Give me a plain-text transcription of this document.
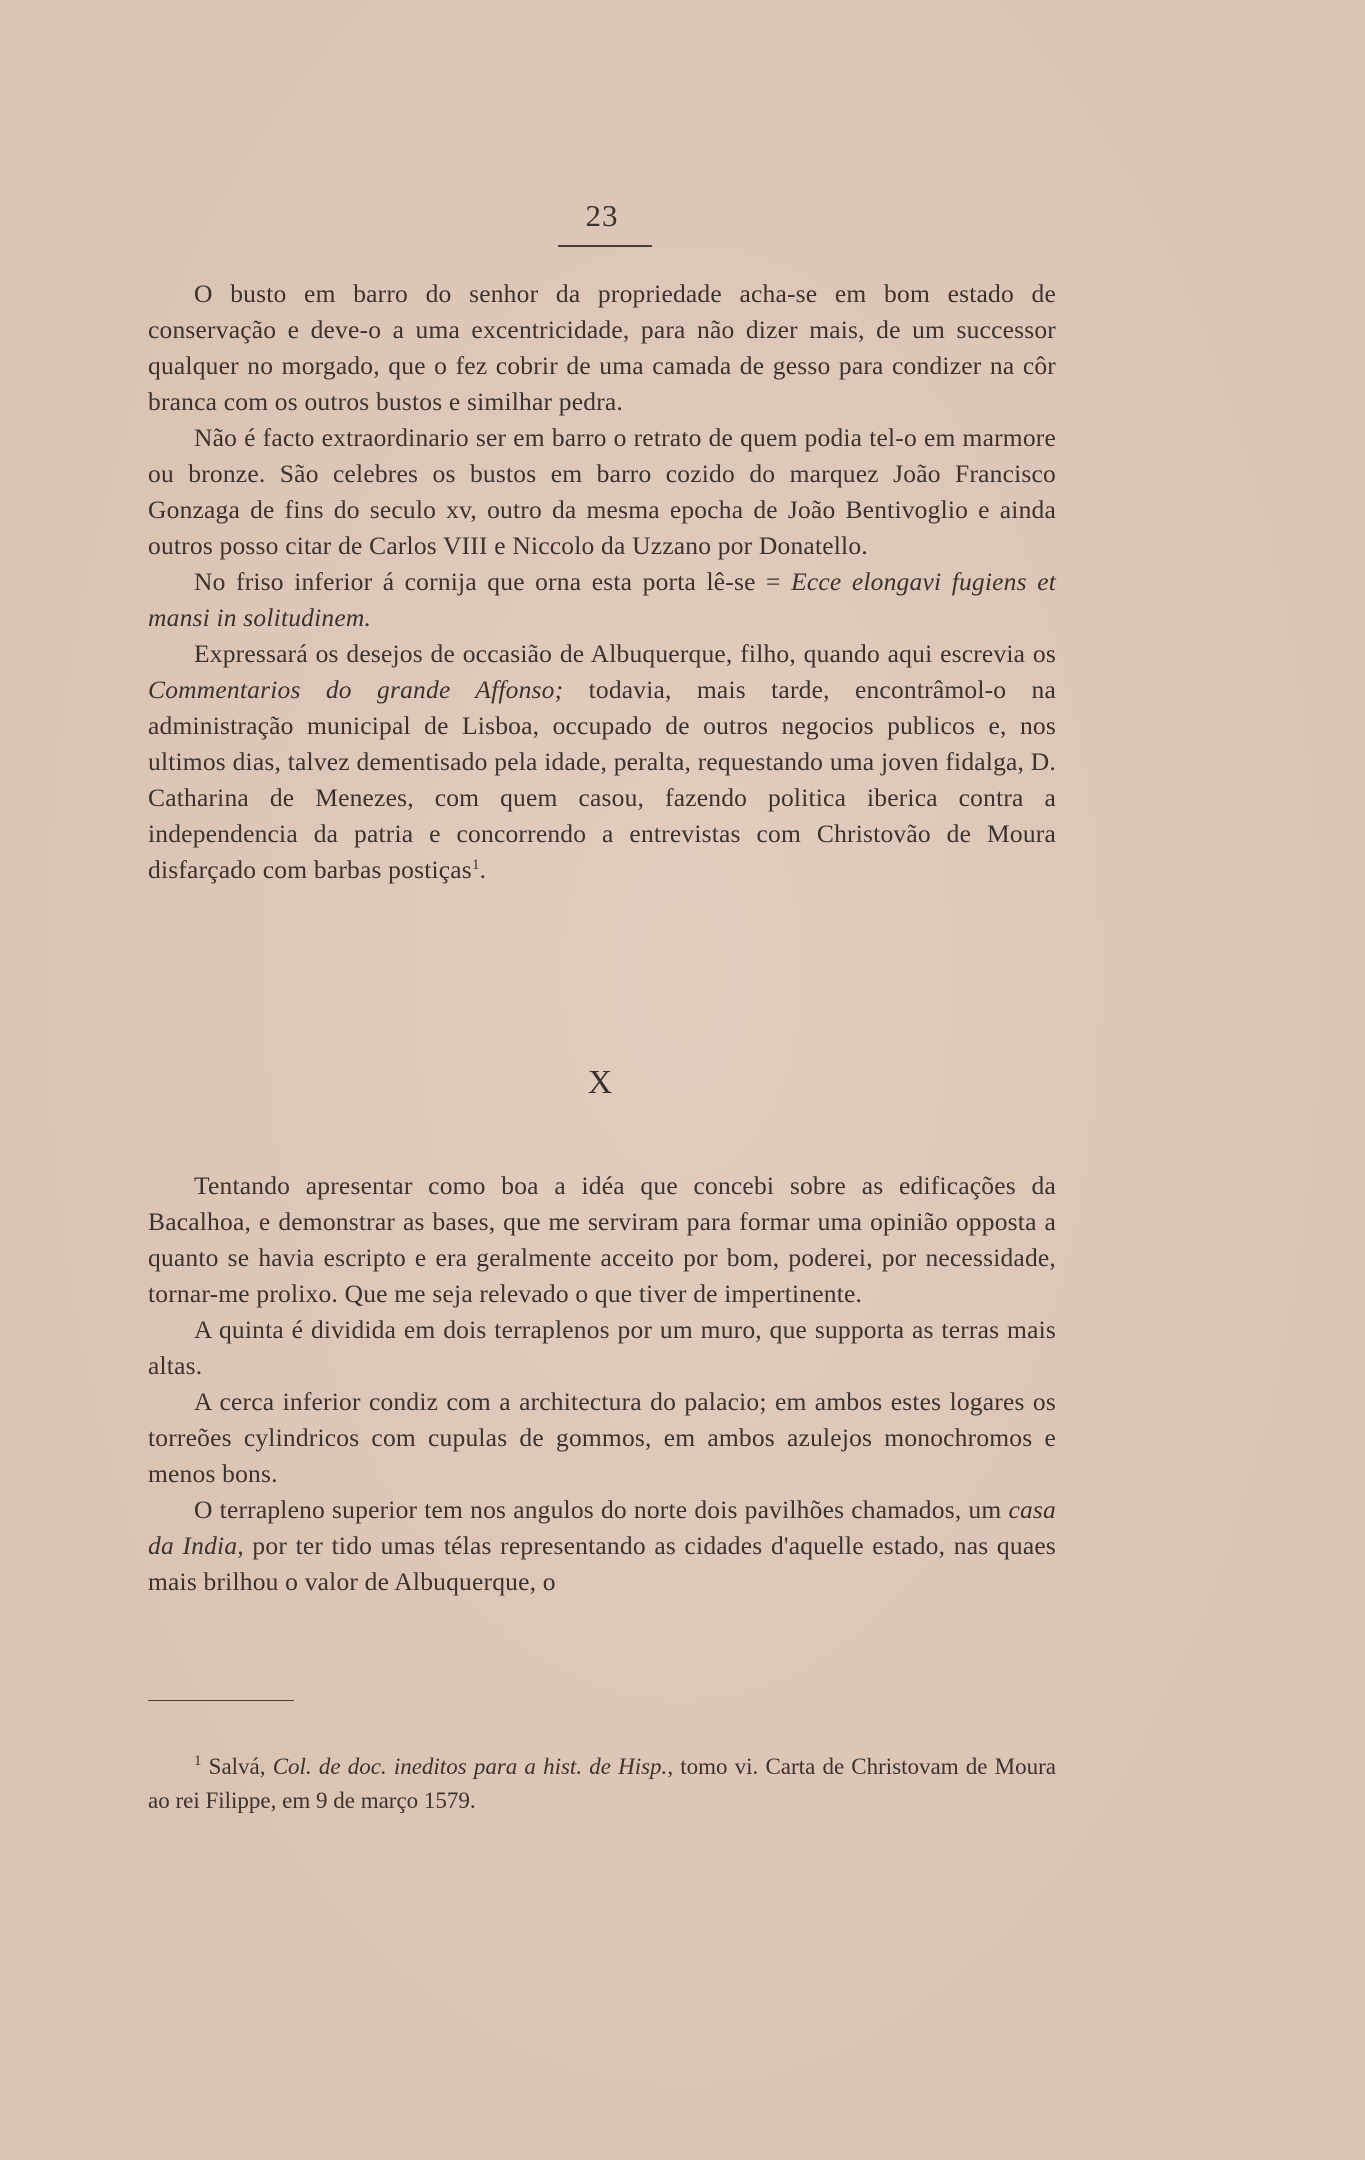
23

O busto em barro do senhor da propriedade acha-se em bom estado de conservação e deve-o a uma excentricidade, para não dizer mais, de um successor qualquer no morgado, que o fez cobrir de uma camada de gesso para condizer na côr branca com os outros bustos e similhar pedra.

Não é facto extraordinario ser em barro o retrato de quem podia tel-o em marmore ou bronze. São celebres os bustos em barro cozido do marquez João Francisco Gonzaga de fins do seculo xv, outro da mesma epocha de João Bentivoglio e ainda outros posso citar de Carlos VIII e Niccolo da Uzzano por Donatello.

No friso inferior á cornija que orna esta porta lê-se = Ecce elongavi fugiens et mansi in solitudinem.

Expressará os desejos de occasião de Albuquerque, filho, quando aqui escrevia os Commentarios do grande Affonso; todavia, mais tarde, encontrâmol-o na administração municipal de Lisboa, occupado de outros negocios publicos e, nos ultimos dias, talvez dementisado pela idade, peralta, requestando uma joven fidalga, D. Catharina de Menezes, com quem casou, fazendo politica iberica contra a independencia da patria e concorrendo a entrevistas com Christovão de Moura disfarçado com barbas postiças$^1$.

X

Tentando apresentar como boa a idéa que concebi sobre as edificações da Bacalhoa, e demonstrar as bases, que me serviram para formar uma opinião opposta a quanto se havia escripto e era geralmente acceito por bom, poderei, por necessidade, tornar-me prolixo. Que me seja relevado o que tiver de impertinente.

A quinta é dividida em dois terraplenos por um muro, que supporta as terras mais altas.

A cerca inferior condiz com a architectura do palacio; em ambos estes logares os torreões cylindricos com cupulas de gommos, em ambos azulejos monochromos e menos bons.

O terrapleno superior tem nos angulos do norte dois pavilhões chamados, um casa da India, por ter tido umas télas representando as cidades d'aquelle estado, nas quaes mais brilhou o valor de Albuquerque, o

$^1$ Salvá, Col. de doc. ineditos para a hist. de Hisp., tomo vi. Carta de Christovam de Moura ao rei Filippe, em 9 de março 1579.
